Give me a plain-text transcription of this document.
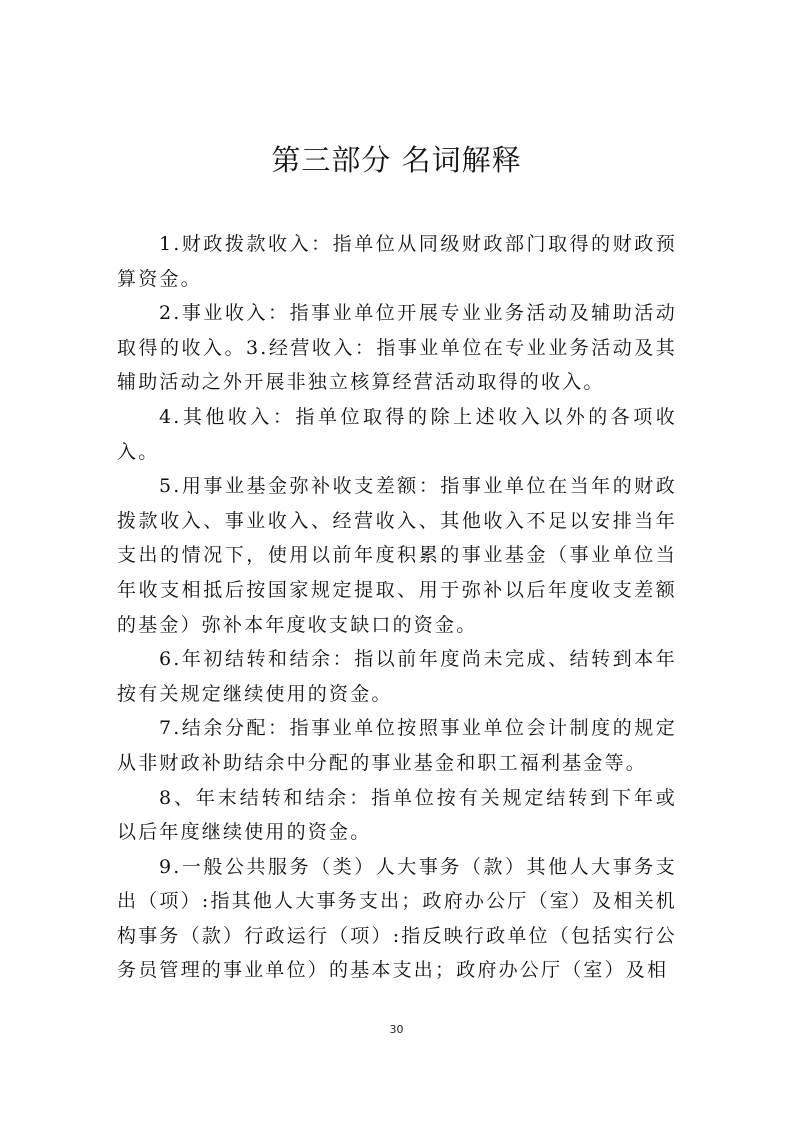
第三部分 名词解释

1.财政拨款收入：指单位从同级财政部门取得的财政预算资金。

2.事业收入：指事业单位开展专业业务活动及辅助活动取得的收入。3.经营收入：指事业单位在专业业务活动及其辅助活动之外开展非独立核算经营活动取得的收入。

4.其他收入：指单位取得的除上述收入以外的各项收入。

5.用事业基金弥补收支差额：指事业单位在当年的财政拨款收入、事业收入、经营收入、其他收入不足以安排当年支出的情况下，使用以前年度积累的事业基金（事业单位当年收支相抵后按国家规定提取、用于弥补以后年度收支差额的基金）弥补本年度收支缺口的资金。

6.年初结转和结余：指以前年度尚未完成、结转到本年按有关规定继续使用的资金。

7.结余分配：指事业单位按照事业单位会计制度的规定从非财政补助结余中分配的事业基金和职工福利基金等。

8、年末结转和结余：指单位按有关规定结转到下年或以后年度继续使用的资金。

9.一般公共服务（类）人大事务（款）其他人大事务支出（项）:指其他人大事务支出；政府办公厅（室）及相关机构事务（款）行政运行（项）:指反映行政单位（包括实行公务员管理的事业单位）的基本支出；政府办公厅（室）及相

30
